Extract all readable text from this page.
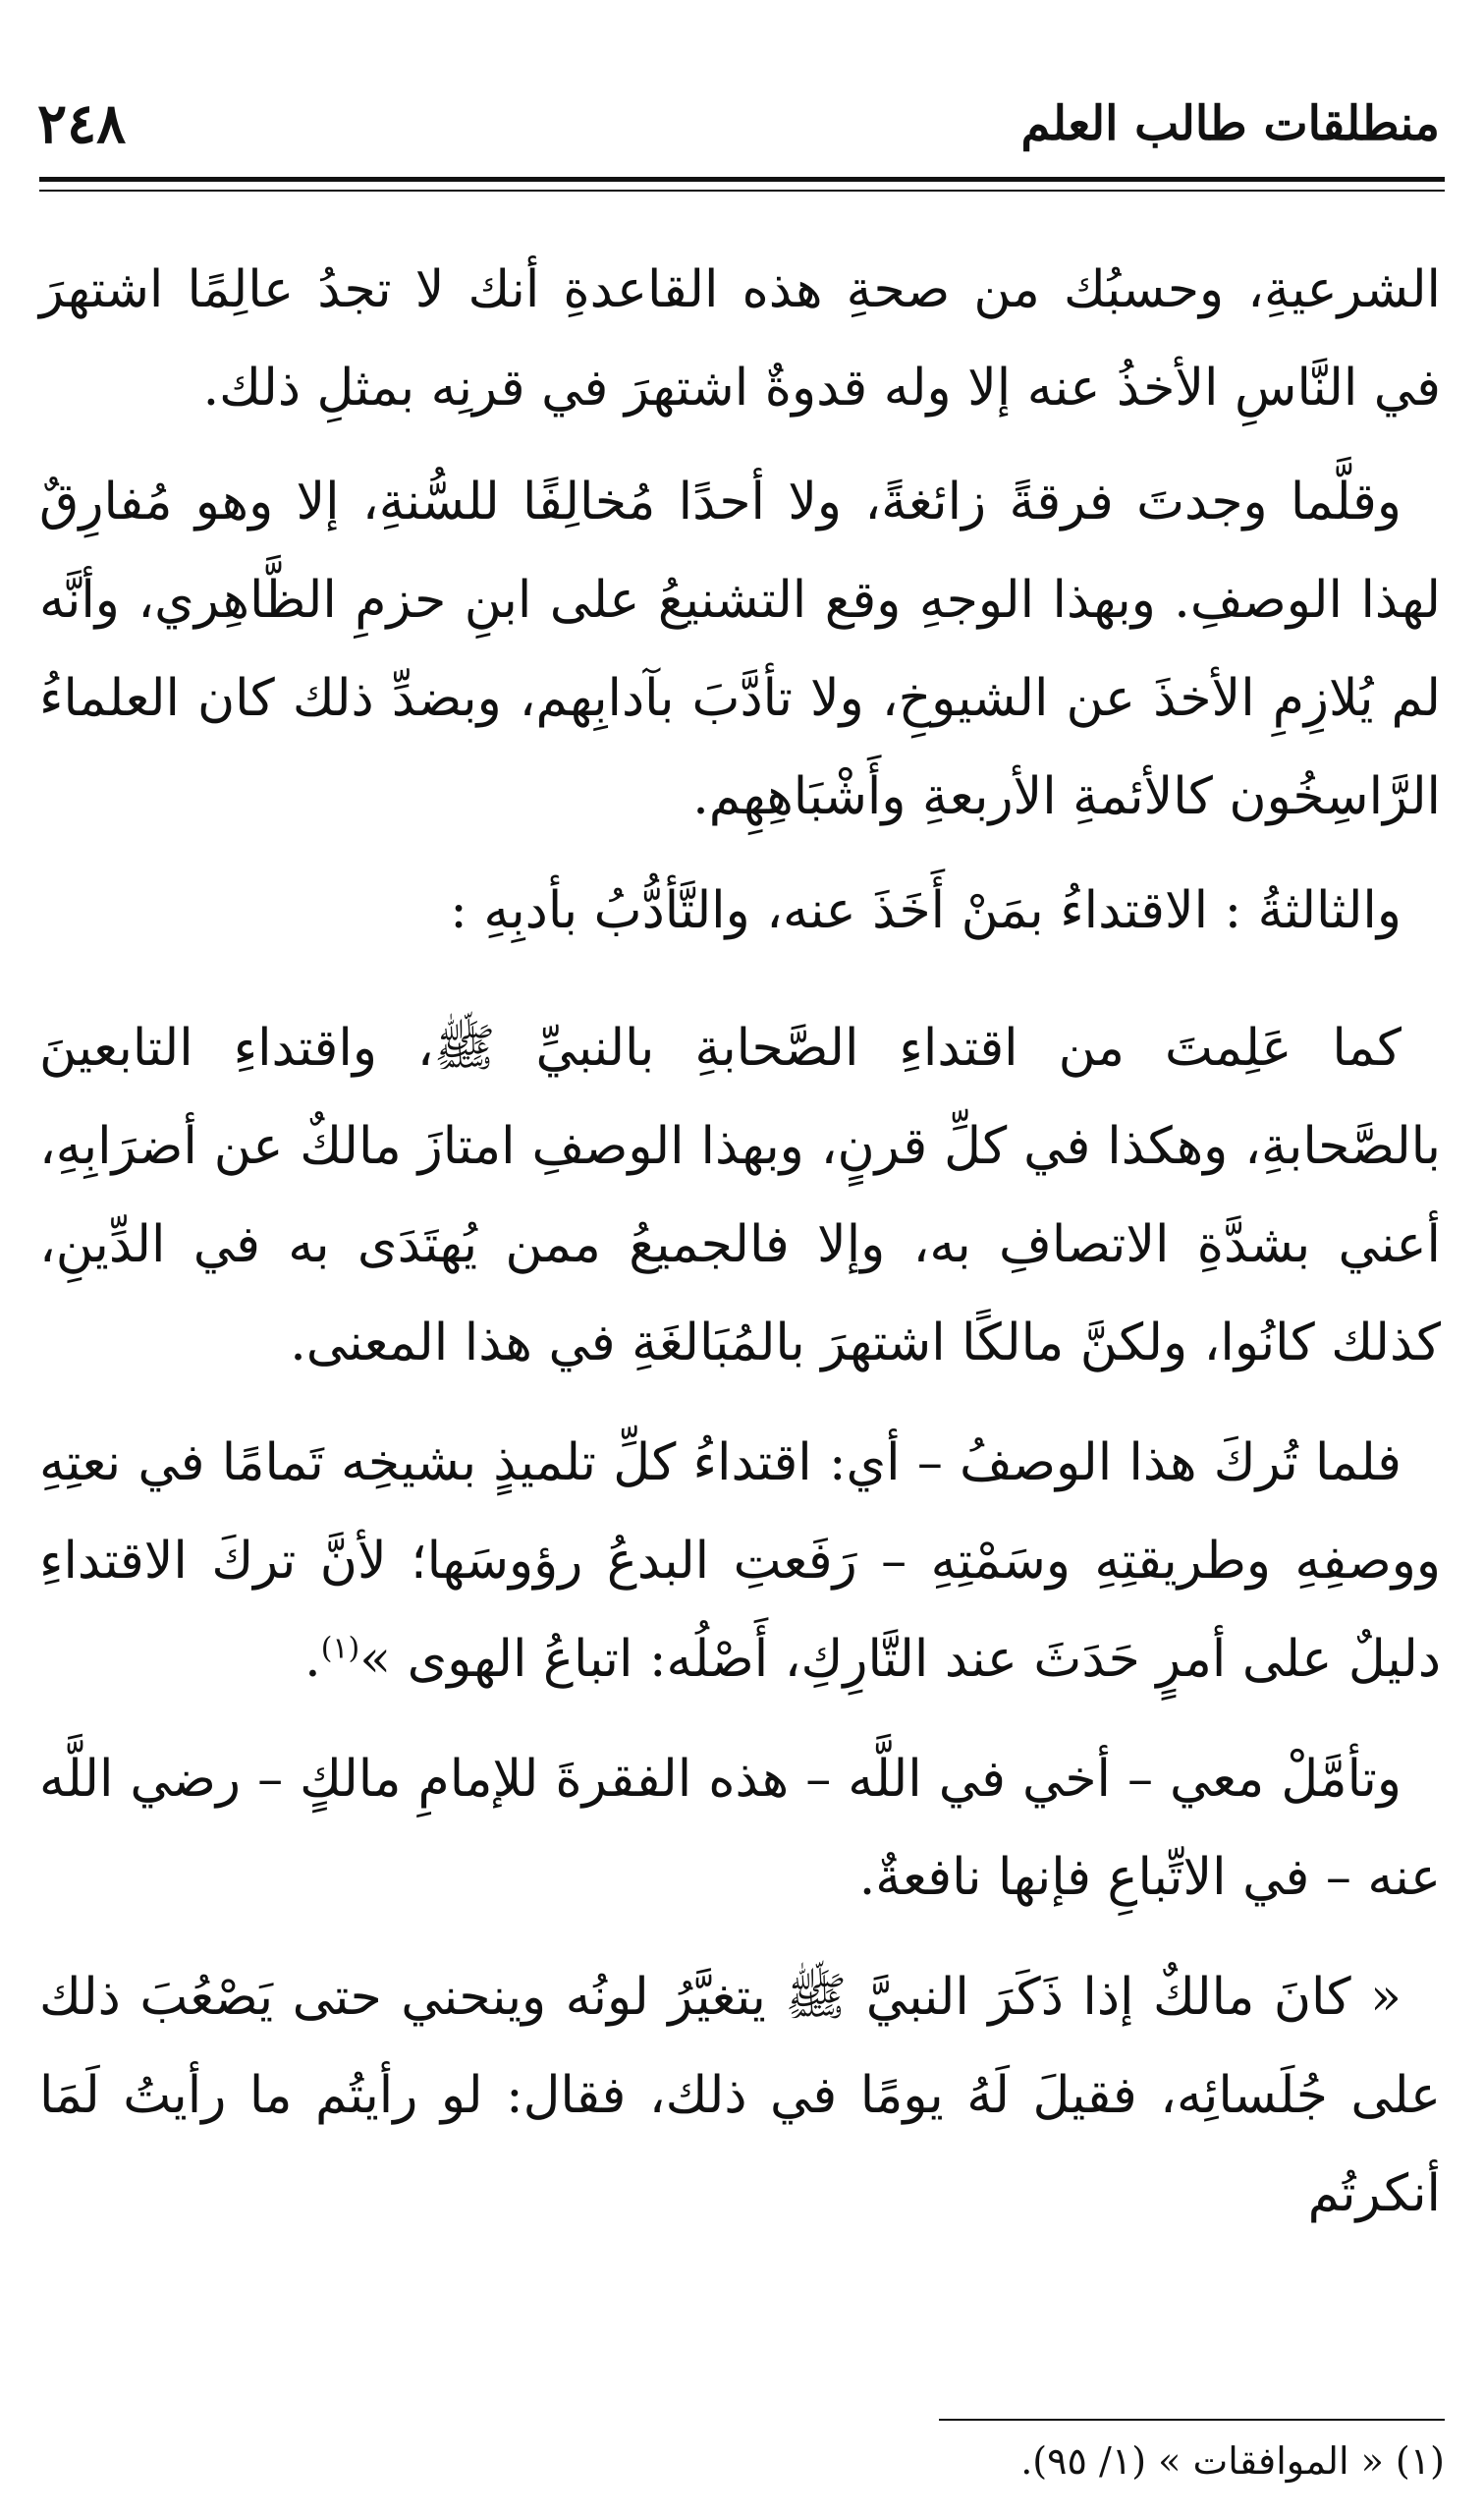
منطلقات طالب العلم
٢٤٨

الشرعيةِ، وحسبُك من صحةِ هذه القاعدةِ أنك لا تجدُ عالِمًا اشتهرَ في النَّاسِ الأخذُ عنه إلا وله قدوةٌ اشتهرَ في قرنِه بمثلِ ذلك.

وقلَّما وجدتَ فرقةً زائغةً، ولا أحدًا مُخالِفًا للسُّنةِ، إلا وهو مُفارِقٌ لهذا الوصفِ. وبهذا الوجهِ وقع التشنيعُ على ابنِ حزمِ الظَّاهِري، وأنَّه لم يُلازِمِ الأخذَ عن الشيوخِ، ولا تأدَّبَ بآدابِهم، وبضدِّ ذلك كان العلماءُ الرَّاسِخُون كالأئمةِ الأربعةِ وأَشْبَاهِهِم.

والثالثةُ : الاقتداءُ بمَنْ أَخَذَ عنه، والتَّأدُّبُ بأدبِهِ :

كما عَلِمتَ من اقتداءِ الصَّحابةِ بالنبيِّ ﷺ، واقتداءِ التابعينَ بالصَّحابةِ، وهكذا في كلِّ قرنٍ، وبهذا الوصفِ امتازَ مالكٌ عن أضرَابِهِ، أعني بشدَّةِ الاتصافِ به، وإلا فالجميعُ ممن يُهتَدَى به في الدِّينِ، كذلك كانُوا، ولكنَّ مالكًا اشتهرَ بالمُبَالغَةِ في هذا المعنى.

فلما تُركَ هذا الوصفُ – أي: اقتداءُ كلِّ تلميذٍ بشيخِه تَمامًا في نعتِهِ ووصفِهِ وطريقتِهِ وسَمْتِهِ – رَفَعتِ البدعُ رؤوسَها؛ لأنَّ تركَ الاقتداءِ دليلٌ على أمرٍ حَدَثَ عند التَّارِكِ، أَصْلُه: اتباعُ الهوى »$^{(١)}$.

وتأمَّلْ معي – أخي في اللَّه – هذه الفقرةَ للإمامِ مالكٍ – رضي اللَّه عنه – في الاتِّباعِ فإنها نافعةٌ.

« كانَ مالكٌ إذا ذَكَرَ النبيَّ ﷺ يتغيَّرُ لونُه وينحني حتى يَصْعُبَ ذلك على جُلَسائِه، فقيلَ لَهُ يومًا في ذلك، فقال: لو رأيتُم ما رأيتُ لَمَا أنكرتُم

(١) « الموافقات » (١/ ٩٥).
